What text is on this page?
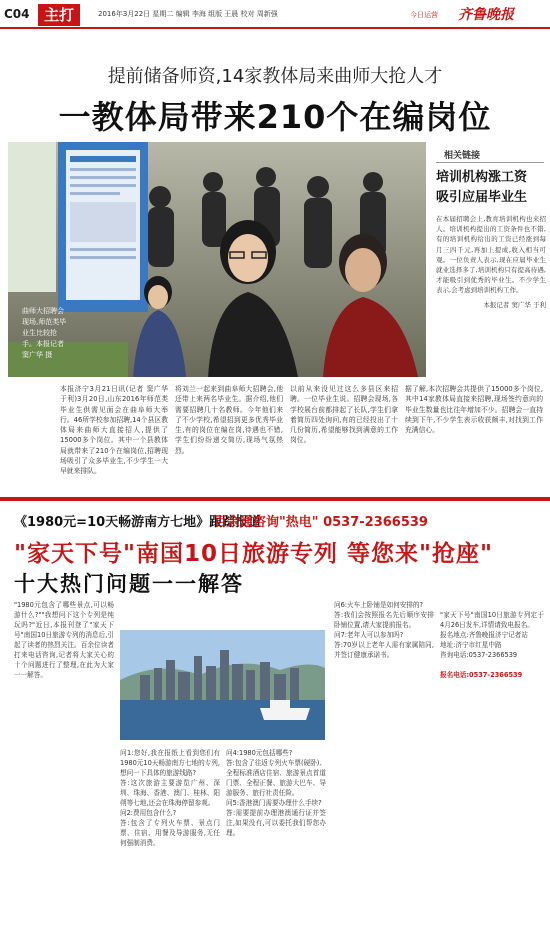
C04 主打	2016年3月22日 星期二 编辑 李海 组版 王晨 校对 周新强	今日运营 齐鲁晚报
提前储备师资,14家教体局来曲师大抢人才
一教体局带来210个在编岗位
曲师大招聘会现场,师范类毕业生比较抢手。本报记者 窦广华 摄
相关链接
培训机构涨工资
吸引应届毕业生
在本届招聘会上,教育培训机构也来招人。培训机构提出的工资条件也不错,有的培训机构给出的工资已经涨到每月三四千元,再加上提成,收入相当可观。一位负责人表示,现在应届毕业生就业选择多了,培训机构只有提高待遇,才能吸引到优秀的毕业生。不少学生表示,会考虑到培训机构工作。

本报记者 窦广华 于利
本报济宁3月21日讯(记者 窦广华 于利)3月20日,山东2016年师范类毕业生供需见面会在曲阜师大举行。46所学校参加招聘,14个县区教体局来曲师大直接招人,提供了15000多个岗位。其中一个县教体局就带来了210个在编岗位,招聘现场吸引了众多毕业生,不少学生一大早就来排队。
将刘兰一起来到曲阜师大招聘会,他还带上来两名毕业生。据介绍,他们需要招聘几十名教师。今年他们来了不少学校,希望招到更多优秀毕业生,有的岗位在编在岗,待遇也不错,学生们纷纷递交简历,现场气氛热烈。
以前从来没见过这么多县区来招聘。一位毕业生说。招聘会现场,各学校展台前都排起了长队,学生们拿着简历四处询问,有的已经投出了十几份简历,希望能够找到满意的工作岗位。
据了解,本次招聘会共提供了15000多个岗位,其中14家教体局直接来招聘,现场签约意向的毕业生数量也比往年增加不少。招聘会一直持续到下午,不少学生表示收获颇丰,对找到工作充满信心。
《1980元=10天畅游南方七地》跟踪报道
百余通咨询"热电" 0537-2366539
"家天下号"南国10日旅游专列 等您来"抢座"
十大热门问题一一解答
"1980元包含了哪些景点,可以畅游什么?""我想问下这个专列是纯玩吗?"近日,本报刊登了"家天下号"南国10日旅游专列的消息后,引起了读者的热烈关注。百余位读者打来电话咨询,记者将大家关心的十个问题进行了整理,在此为大家一一解答。
问1:您好,我在报纸上看到您们有1980元10天畅游南方七地的专列,想问一下具体的旅游线路?
答:这次旅游主要游览广州、深圳、珠海、香港、澳门、桂林、阳朔等七地,还会在珠海停留参观。
问2:费用包含什么?
答:包含了专列火车票、景点门票、住宿、用餐及导游服务,无任何强制消费。
问4:1980元包括哪些?
答:包含了往返专列火车票(硬卧)、全程标准酒店住宿、旅游景点首道门票、全程正餐、旅游大巴车、导游服务、旅行社责任险。
问5:香港澳门需要办理什么手续?
答:需要提前办理港澳通行证并签注,如果没有,可以委托我们帮您办理。
问6:火车上卧铺是如何安排的?
答:我们会按照报名先后顺序安排卧铺位置,请大家提前报名。
问7:老年人可以参加吗?
答:70岁以上老年人需有家属陪同,并签订健康承诺书。

"家天下号"南国10日旅游专列定于4月26日发车,详情请致电报名。
报名地点:齐鲁晚报济宁记者站
地址:济宁市红星中路
咨询电话:0537-2366539

报名电话:0537-2366539
